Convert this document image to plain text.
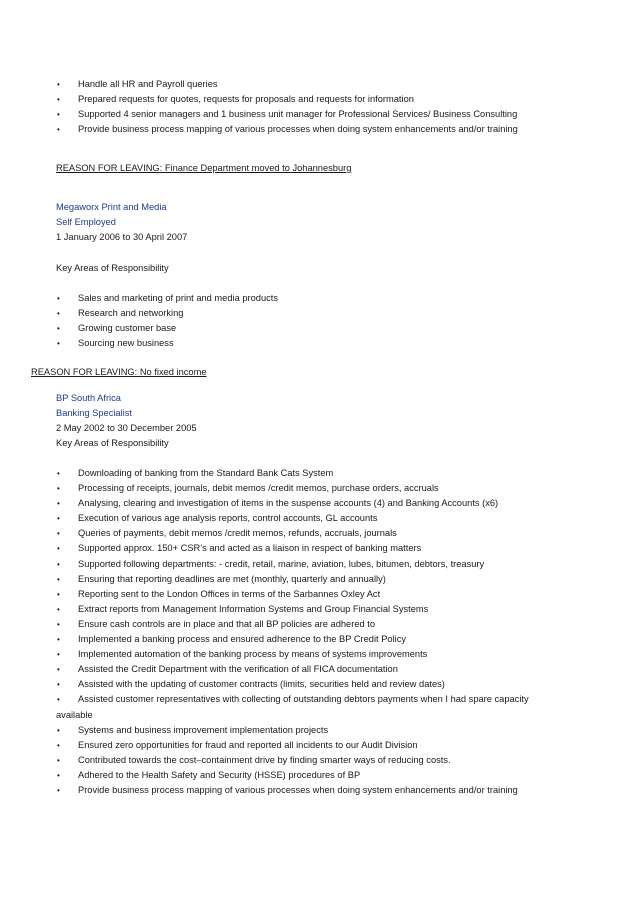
• Handle all HR and Payroll queries
• Prepared requests for quotes, requests for proposals and requests for information
• Supported 4 senior managers and 1 business unit manager for Professional Services/ Business Consulting
• Provide business process mapping of various processes when doing system enhancements and/or training
REASON FOR LEAVING: Finance Department moved to Johannesburg
Megaworx Print and Media
Self Employed
1 January 2006 to 30 April 2007
Key Areas of Responsibility
• Sales and marketing of print and media products
• Research and networking
• Growing customer base
• Sourcing new business
REASON FOR LEAVING: No fixed income
BP South Africa
Banking Specialist
2 May 2002 to 30 December 2005
Key Areas of Responsibility
• Downloading of banking from the Standard Bank Cats System
• Processing of receipts, journals, debit memos /credit memos, purchase orders, accruals
• Analysing, clearing and investigation of items in the suspense accounts (4) and Banking Accounts (x6)
• Execution of various age analysis reports, control accounts, GL accounts
• Queries of payments, debit memos /credit memos, refunds, accruals, journals
• Supported approx. 150+ CSR’s and acted as a liaison in respect of banking matters
• Supported following departments: - credit, retail, marine, aviation, lubes, bitumen, debtors, treasury
• Ensuring that reporting deadlines are met (monthly, quarterly and annually)
• Reporting sent to the London Offices in terms of the Sarbannes Oxley Act
• Extract reports from Management Information Systems and Group Financial Systems
• Ensure cash controls are in place and that all BP policies are adhered to
• Implemented a banking process and ensured adherence to the BP Credit Policy
• Implemented automation of the banking process by means of systems improvements
• Assisted the Credit Department with the verification of all FICA documentation
• Assisted with the updating of customer contracts (limits, securities held and review dates)
• Assisted customer representatives with collecting of outstanding debtors payments when I had spare capacity
available
• Systems and business improvement implementation projects
• Ensured zero opportunities for fraud and reported all incidents to our Audit Division
• Contributed towards the cost–containment drive by finding smarter ways of reducing costs.
• Adhered to the Health Safety and Security (HSSE) procedures of BP
• Provide business process mapping of various processes when doing system enhancements and/or training
